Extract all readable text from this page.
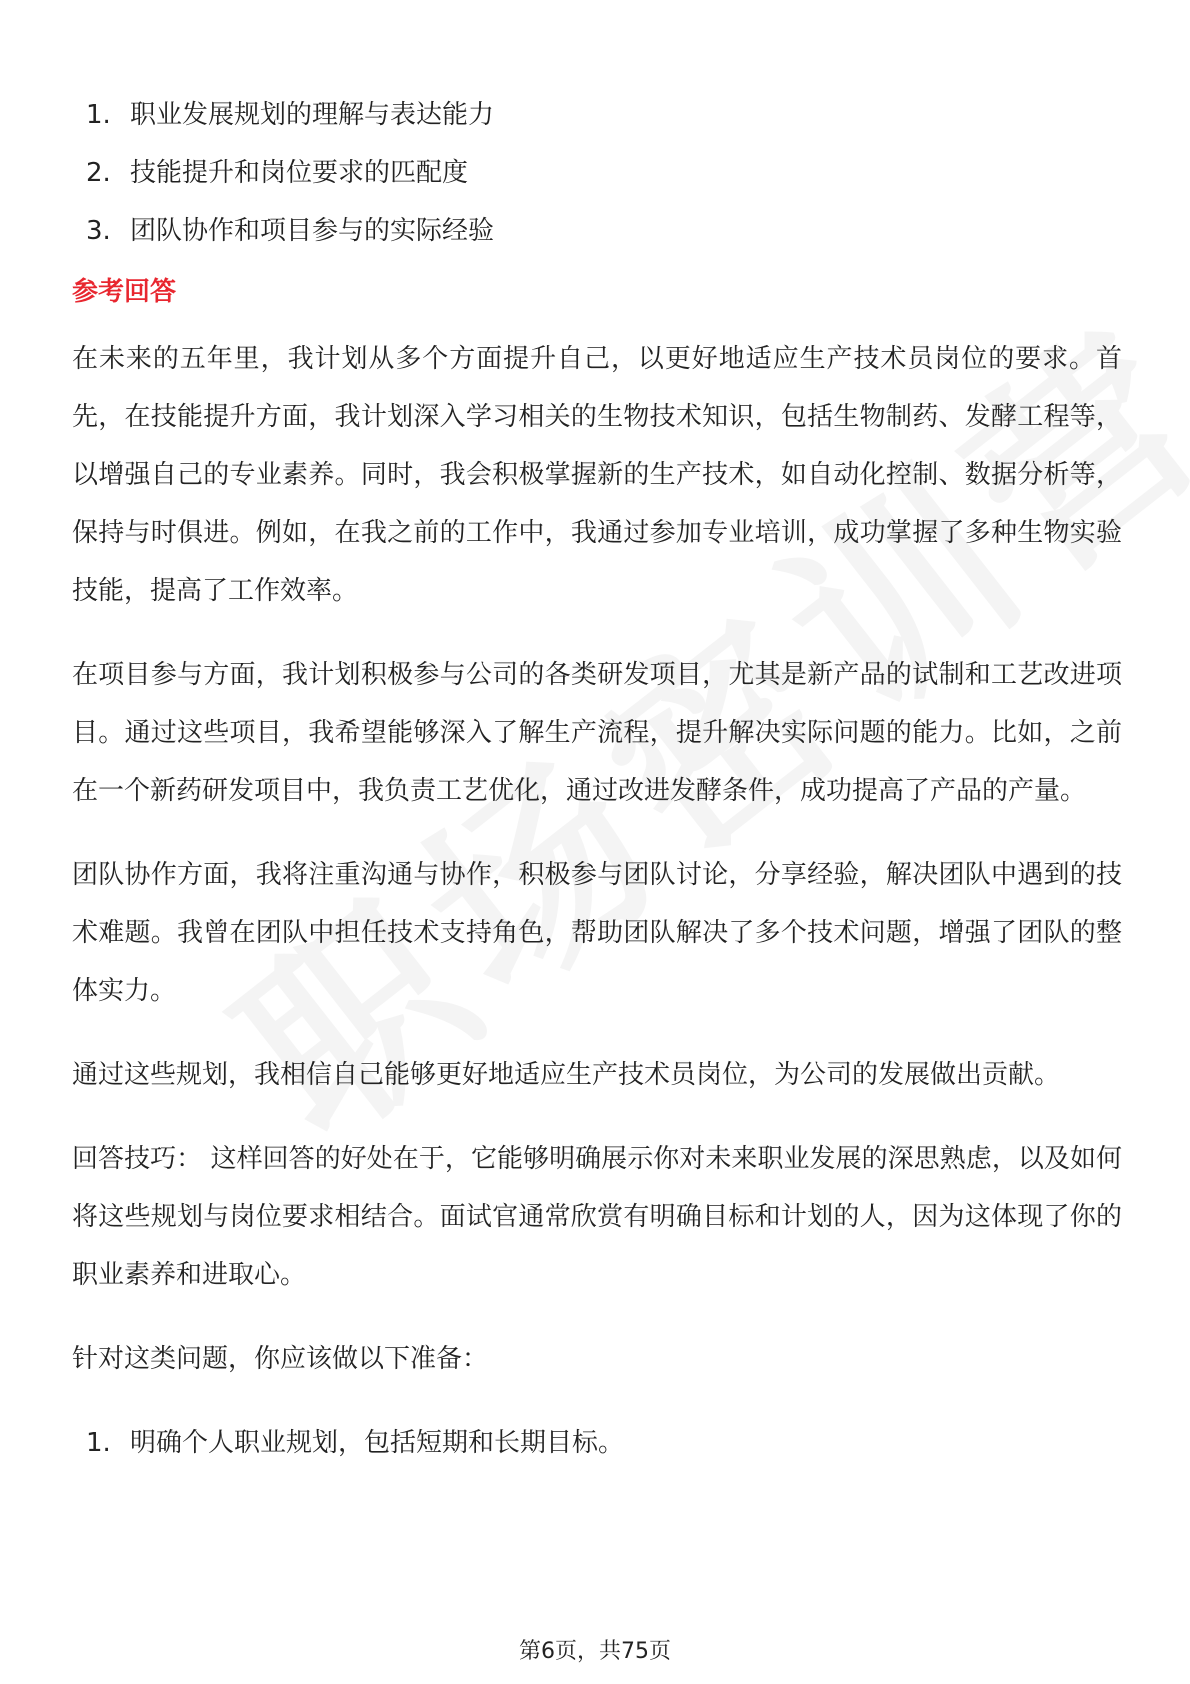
1. 职业发展规划的理解与表达能力
2. 技能提升和岗位要求的匹配度
3. 团队协作和项目参与的实际经验
参考回答

在未来的五年里，我计划从多个方面提升自己，以更好地适应生产技术员岗位的要求。首先，在技能提升方面，我计划深入学习相关的生物技术知识，包括生物制药、发酵工程等，以增强自己的专业素养。同时，我会积极掌握新的生产技术，如自动化控制、数据分析等，保持与时俱进。例如，在我之前的工作中，我通过参加专业培训，成功掌握了多种生物实验技能，提高了工作效率。

在项目参与方面，我计划积极参与公司的各类研发项目，尤其是新产品的试制和工艺改进项目。通过这些项目，我希望能够深入了解生产流程，提升解决实际问题的能力。比如，之前在一个新药研发项目中，我负责工艺优化，通过改进发酵条件，成功提高了产品的产量。

团队协作方面，我将注重沟通与协作，积极参与团队讨论，分享经验，解决团队中遇到的技术难题。我曾在团队中担任技术支持角色，帮助团队解决了多个技术问题，增强了团队的整体实力。

通过这些规划，我相信自己能够更好地适应生产技术员岗位，为公司的发展做出贡献。

回答技巧： 这样回答的好处在于，它能够明确展示你对未来职业发展的深思熟虑，以及如何将这些规划与岗位要求相结合。面试官通常欣赏有明确目标和计划的人，因为这体现了你的职业素养和进取心。

针对这类问题，你应该做以下准备：

1. 明确个人职业规划，包括短期和长期目标。
第6页，共75页
